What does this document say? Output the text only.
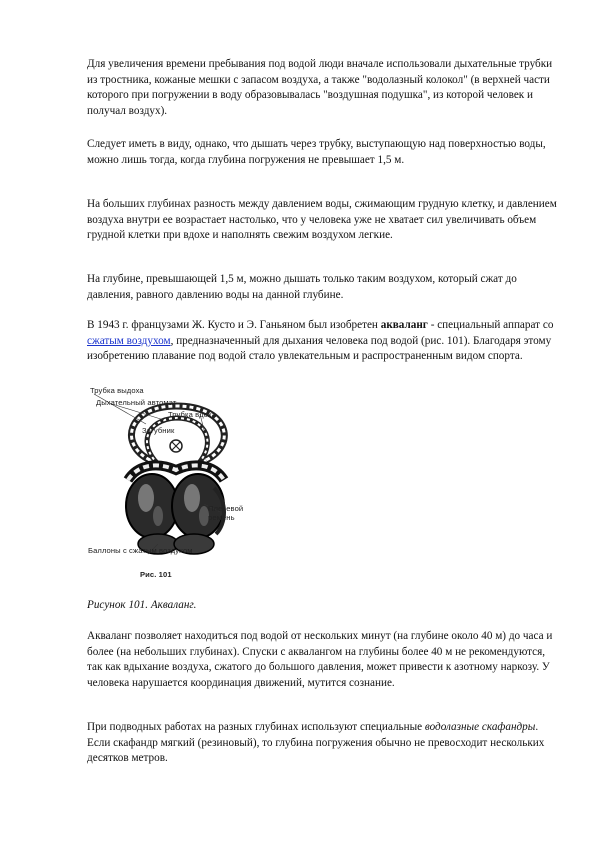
Для увеличения времени пребывания под водой люди вначале использовали дыхательные трубки из тростника, кожаные мешки с запасом воздуха, а также "водолазный колокол" (в верхней части которого при погружении в воду образовывалась "воздушная подушка", из которой человек и получал воздух).

Следует иметь в виду, однако, что дышать через трубку, выступающую над поверхностью воды, можно лишь тогда, когда глубина погружения не превышает 1,5 м.

На больших глубинах разность между давлением воды, сжимающим грудную клетку, и давлением воздуха внутри ее возрастает настолько, что у человека уже не хватает сил увеличивать объем грудной клетки при вдохе и наполнять свежим воздухом легкие.

На глубине, превышающей 1,5 м, можно дышать только таким воздухом, который сжат до давления, равного давлению воды на данной глубине.

В 1943 г. французами Ж. Кусто и Э. Ганьяном был изобретен акваланг - специальный аппарат со сжатым воздухом, предназначенный для дыхания человека под водой (рис. 101). Благодаря этому изобретению плавание под водой стало увлекательным и распространенным видом спорта.

Трубка выдоха
Дыхательный автомат
Трубка вдоха
Загубник
Плечевой ремень
Баллоны с сжатым воздухом
Рис. 101

Рисунок 101. Акваланг.

Акваланг позволяет находиться под водой от нескольких минут (на глубине около 40 м) до часа и более (на небольших глубинах). Спуски с аквалангом на глубины более 40 м не рекомендуются, так как вдыхание воздуха, сжатого до большого давления, может привести к азотному наркозу. У человека нарушается координация движений, мутится сознание.

При подводных работах на разных глубинах используют специальные водолазные скафандры. Если скафандр мягкий (резиновый), то глубина погружения обычно не превосходит нескольких десятков метров.
